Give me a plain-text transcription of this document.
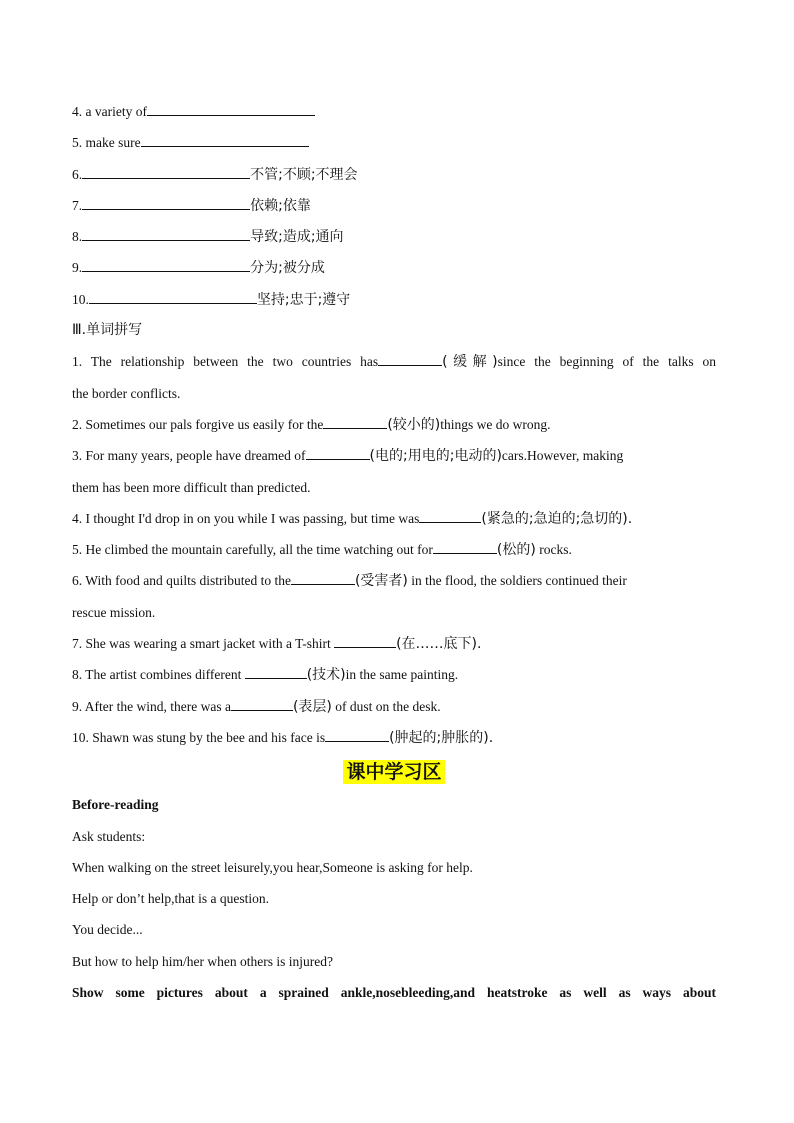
4. a variety of
5. make sure
6.	不管;不顾;不理会
7.	依赖;依靠
8.	导致;造成;通向
9.	分为;被分成
10.	坚持;忠于;遵守
Ⅲ.单词拼写
1. The relationship between the two countries has	(缓解)since the beginning of the talks on
the border conflicts.
2. Sometimes our pals forgive us easily for the	(较小的)things we do wrong.
3. For many years, people have dreamed of	(电的;用电的;电动的)cars.However, making
them has been more difficult than predicted.
4. I thought I'd drop in on you while I was passing, but time was	(紧急的;急迫的;急切的).
5. He climbed the mountain carefully, all the time watching out for	(松的) rocks.
6. With food and quilts distributed to the	(受害者) in the flood, the soldiers continued their
rescue mission.
7. She was wearing a smart jacket with a T-shirt	(在……底下).
8. The artist combines different	(技术)in the same painting.
9. After the wind, there was a	(表层) of dust on the desk.
10. Shawn was stung by the bee and his face is	(肿起的;肿胀的).
课中学习区
Before-reading
Ask students:
When walking on the street leisurely,you hear,Someone is asking for help.
Help or don’t help,that is a question.
You decide...
But how to help him/her when others is injured?
Show some pictures about a sprained ankle,nosebleeding,and heatstroke as well as ways about
